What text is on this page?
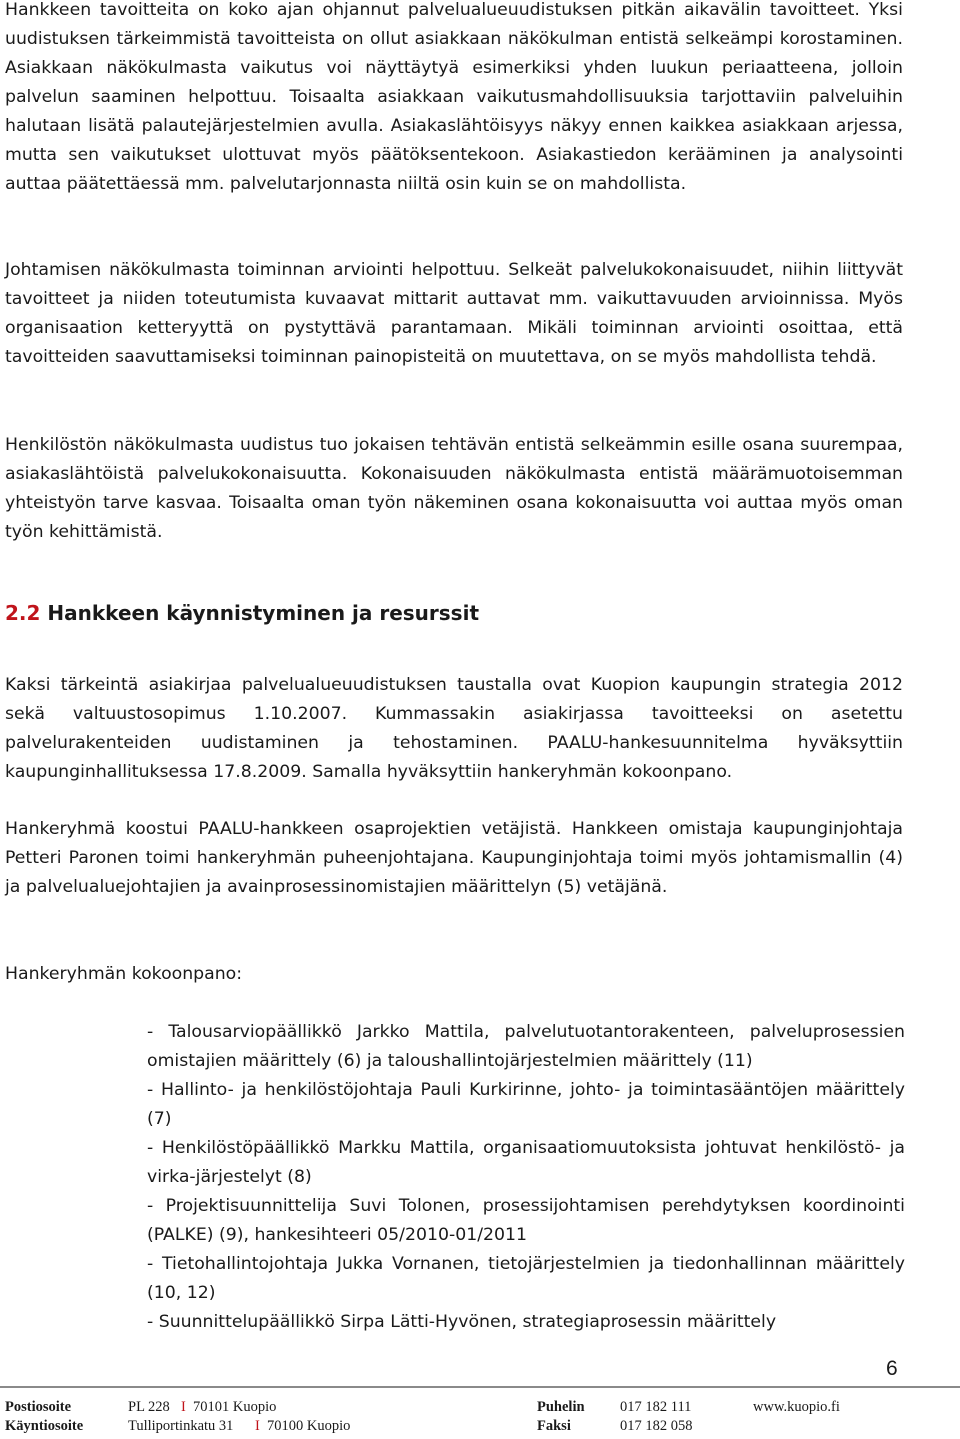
Hankkeen tavoitteita on koko ajan ohjannut palvelualueuudistuksen pitkän aikavälin tavoitteet. Yksi uudistuksen tärkeimmistä tavoitteista on ollut asiakkaan näkökulman entistä selkeämpi korostaminen. Asiakkaan näkökulmasta vaikutus voi näyttäytyä esimerkiksi yhden luukun periaatteena, jolloin palvelun saaminen helpottuu. Toisaalta asiakkaan vaikutusmahdollisuuksia tarjottaviin palveluihin halutaan lisätä palautejärjestelmien avulla. Asiakaslähtöisyys näkyy ennen kaikkea asiakkaan arjessa, mutta sen vaikutukset ulottuvat myös päätöksentekoon. Asiakastiedon kerääminen ja analysointi auttaa päätettäessä mm. palvelutarjonnasta niiltä osin kuin se on mahdollista.

Johtamisen näkökulmasta toiminnan arviointi helpottuu. Selkeät palvelukokonaisuudet, niihin liittyvät tavoitteet ja niiden toteutumista kuvaavat mittarit auttavat mm. vaikuttavuuden arvioinnissa. Myös organisaation ketteryyttä on pystyttävä parantamaan. Mikäli toiminnan arviointi osoittaa, että tavoitteiden saavuttamiseksi toiminnan painopisteitä on muutettava, on se myös mahdollista tehdä.

Henkilöstön näkökulmasta uudistus tuo jokaisen tehtävän entistä selkeämmin esille osana suurempaa, asiakaslähtöistä palvelukokonaisuutta. Kokonaisuuden näkökulmasta entistä määrämuotoisemman yhteistyön tarve kasvaa. Toisaalta oman työn näkeminen osana kokonaisuutta voi auttaa myös oman työn kehittämistä.

2.2 Hankkeen käynnistyminen ja resurssit

Kaksi tärkeintä asiakirjaa palvelualueuudistuksen taustalla ovat Kuopion kaupungin strategia 2012 sekä valtuustosopimus 1.10.2007. Kummassakin asiakirjassa tavoitteeksi on asetettu palvelurakenteiden uudistaminen ja tehostaminen. PAALU-hankesuunnitelma hyväksyttiin kaupunginhallituksessa 17.8.2009. Samalla hyväksyttiin hankeryhmän kokoonpano.

Hankeryhmä koostui PAALU-hankkeen osaprojektien vetäjistä. Hankkeen omistaja kaupunginjohtaja Petteri Paronen toimi hankeryhmän puheenjohtajana. Kaupunginjohtaja toimi myös johtamismallin (4) ja palvelualuejohtajien ja avainprosessinomistajien määrittelyn (5) vetäjänä.

Hankeryhmän kokoonpano:

- Talousarviopäällikkö Jarkko Mattila, palvelutuotantorakenteen, palveluprosessien omistajien määrittely (6) ja taloushallintojärjestelmien määrittely (11)
- Hallinto- ja henkilöstöjohtaja Pauli Kurkirinne, johto- ja toimintasääntöjen määrittely (7)
- Henkilöstöpäällikkö Markku Mattila, organisaatiomuutoksista johtuvat henkilöstö- ja virka-järjestelyt (8)
- Projektisuunnittelija Suvi Tolonen, prosessijohtamisen perehdytyksen koordinointi (PALKE) (9), hankesihteeri 05/2010-01/2011
- Tietohallintojohtaja Jukka Vornanen, tietojärjestelmien ja tiedonhallinnan määrittely (10, 12)
- Suunnittelupäällikkö Sirpa Lätti-Hyvönen, strategiaprosessin määrittely
6
Postiosoite	PL 228 I 70101 Kuopio	Puhelin 017 182 111	www.kuopio.fi
Käyntiosoite	Tulliportinkatu 31 I 70100 Kuopio	Faksi	017 182 058
